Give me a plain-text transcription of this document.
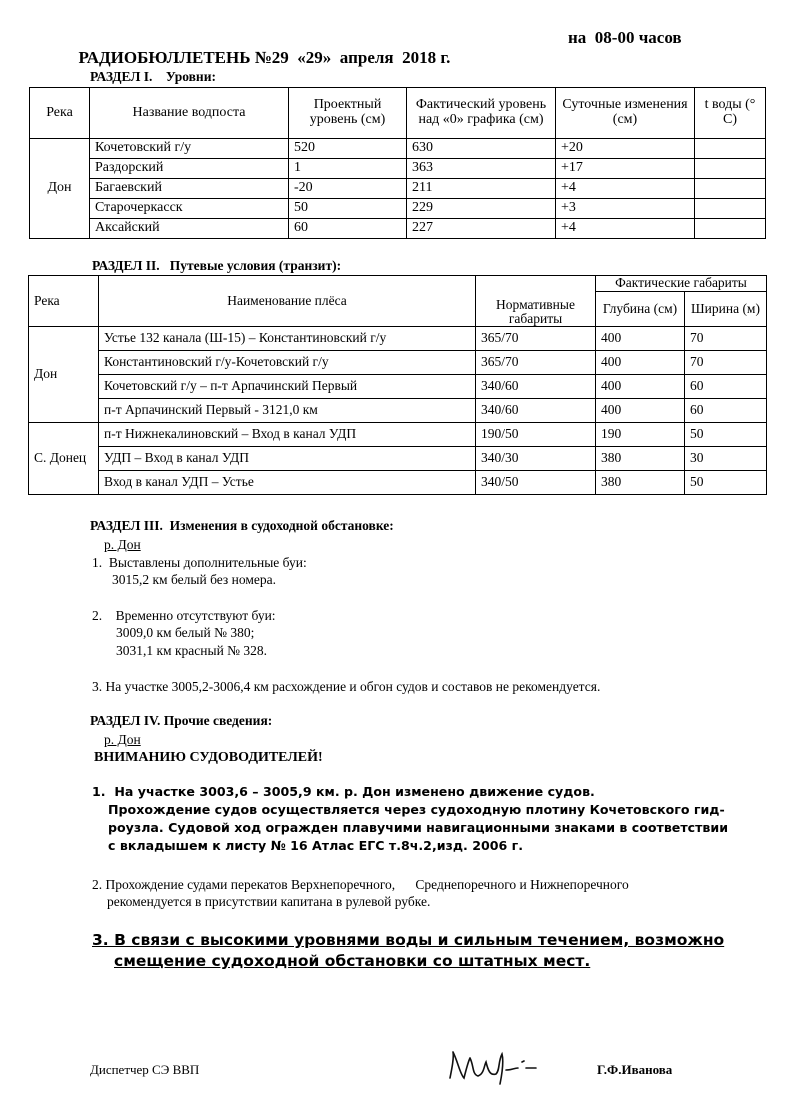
РАДИОБЮЛЛЕТЕНЬ №29  «29»  апреля  2018 г.

на  08-00 часов

РАЗДЕЛ I.    Уровни:
Река	Название водпоста	Проектный уровень (см)	Фактический уровень над «0» графика (см)	Суточные изменения (см)	t воды (° C)
Дон	Кочетовский г/у	520	630	+20	
	Раздорский	1	363	+17	
	Багаевский	-20	211	+4	
	Старочеркасск	50	229	+3	
	Аксайский	60	227	+4	
РАЗДЕЛ II.   Путевые условия (транзит):
Река	Наименование плёса	Нормативные габариты	Фактические габариты	
			Глубина (см)	Ширина (м)
Дон	Устье 132 канала (Ш-15) – Константиновский г/у	365/70	400	70
	Константиновский г/у-Кочетовский г/у	365/70	400	70
	Кочетовский г/у – п-т Арпачинский Первый	340/60	400	60
	п-т Арпачинский Первый - 3121,0 км	340/60	400	60
С. Донец	п-т Нижнекалиновский – Вход в канал УДП	190/50	190	50
	УДП – Вход в канал УДП	340/30	380	30
	Вход в канал УДП – Устье	340/50	380	50
РАЗДЕЛ III.  Изменения в судоходной обстановке:
р. Дон
1.  Выставлены дополнительные буи:
3015,2 км белый без номера.
2.    Временно отсутствуют буи:
3009,0 км белый № 380;
3031,1 км красный № 328.
3. На участке 3005,2-3006,4 км расхождение и обгон судов и составов не рекомендуется.
РАЗДЕЛ IV. Прочие сведения:
р. Дон
ВНИМАНИЮ СУДОВОДИТЕЛЕЙ!
1.  На участке 3003,6 – 3005,9 км. р. Дон изменено движение судов.
Прохождение судов осуществляется через судоходную плотину Кочетовского гид-
роузла. Судовой ход огражден плавучими навигационными знаками в соответствии
с вкладышем к листу № 16 Атлас ЕГС т.8ч.2,изд. 2006 г.
2. Прохождение судами перекатов Верхнепоречного,      Среднепоречного и Нижнепоречного
рекомендуется в присутствии капитана в рулевой рубке.
3. В связи с высокими уровнями воды и сильным течением, возможно
смещение судоходной обстановки со штатных мест.
Диспетчер СЭ ВВП	Г.Ф.Иванова
